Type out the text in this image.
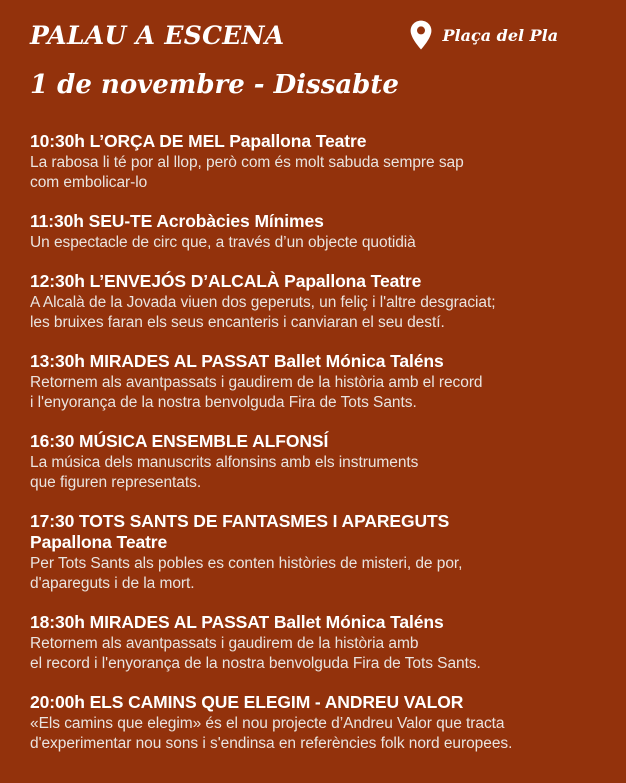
PALAU A ESCENA	Plaça del Pla
1 de novembre - Dissabte
10:30h L’ORÇA DE MEL Papallona Teatre
La rabosa li té por al llop, però com és molt sabuda sempre sap
com embolicar-lo
11:30h SEU-TE Acrobàcies Mínimes
Un espectacle de circ que, a través d’un objecte quotidià
12:30h L’ENVEJÓS D’ALCALÀ Papallona Teatre
A Alcalà de la Jovada viuen dos geperuts, un feliç i l'altre desgraciat;
les bruixes faran els seus encanteris i canviaran el seu destí.
13:30h MIRADES AL PASSAT Ballet Mónica Taléns
Retornem als avantpassats i gaudirem de la història amb el record
i l'enyorança de la nostra benvolguda Fira de Tots Sants.
16:30 MÚSICA ENSEMBLE ALFONSÍ
La música dels manuscrits alfonsins amb els instruments
que figuren representats.
17:30 TOTS SANTS DE FANTASMES I APAREGUTS
Papallona Teatre
Per Tots Sants als pobles es conten històries de misteri, de por,
d'apareguts i de la mort.
18:30h MIRADES AL PASSAT Ballet Mónica Taléns
Retornem als avantpassats i gaudirem de la història amb
el record i l'enyorança de la nostra benvolguda Fira de Tots Sants.
20:00h ELS CAMINS QUE ELEGIM - ANDREU VALOR
«Els camins que elegim» és el nou projecte d’Andreu Valor que tracta
d'experimentar nou sons i s'endinsa en referències folk nord europees.
